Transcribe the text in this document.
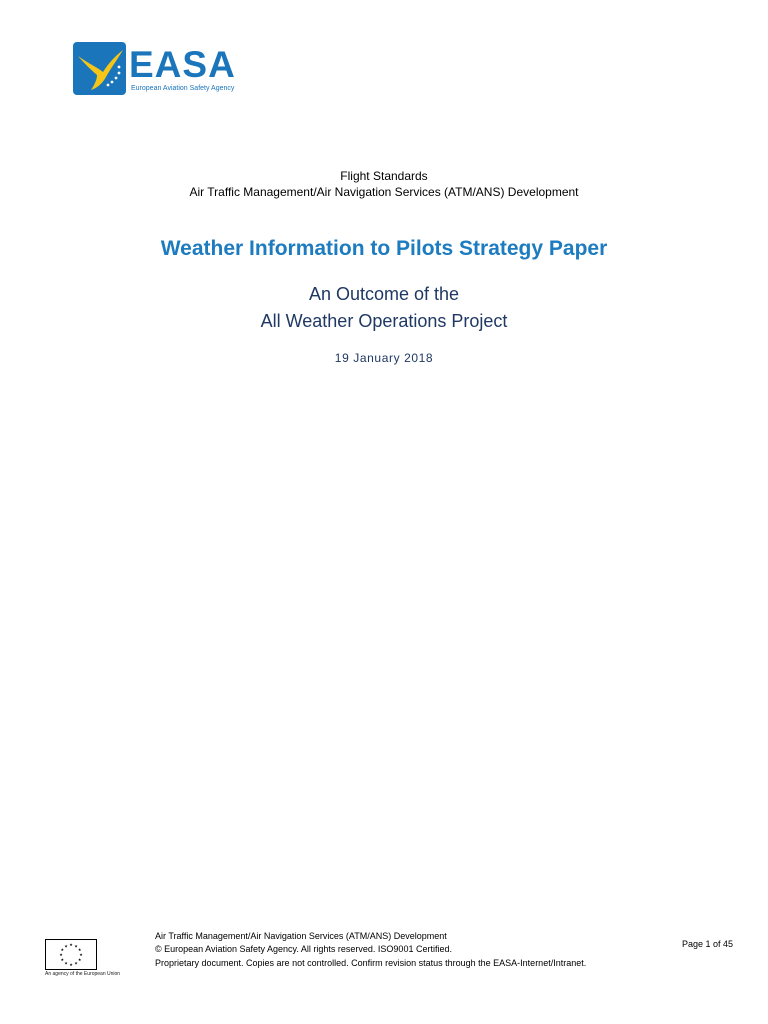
EASA
European Aviation Safety Agency
Flight Standards
Air Traffic Management/Air Navigation Services (ATM/ANS) Development
Weather Information to Pilots Strategy Paper
An Outcome of the
All Weather Operations Project
19 January 2018
★ ★
★
★
★
★
★
★
★
★
★
★
An agency of the European Union
Air Traffic Management/Air Navigation Services (ATM/ANS) Development
© European Aviation Safety Agency. All rights reserved. ISO9001 Certified.
Proprietary document. Copies are not controlled. Confirm revision status through the EASA-Internet/Intranet.
Page 1 of 45
